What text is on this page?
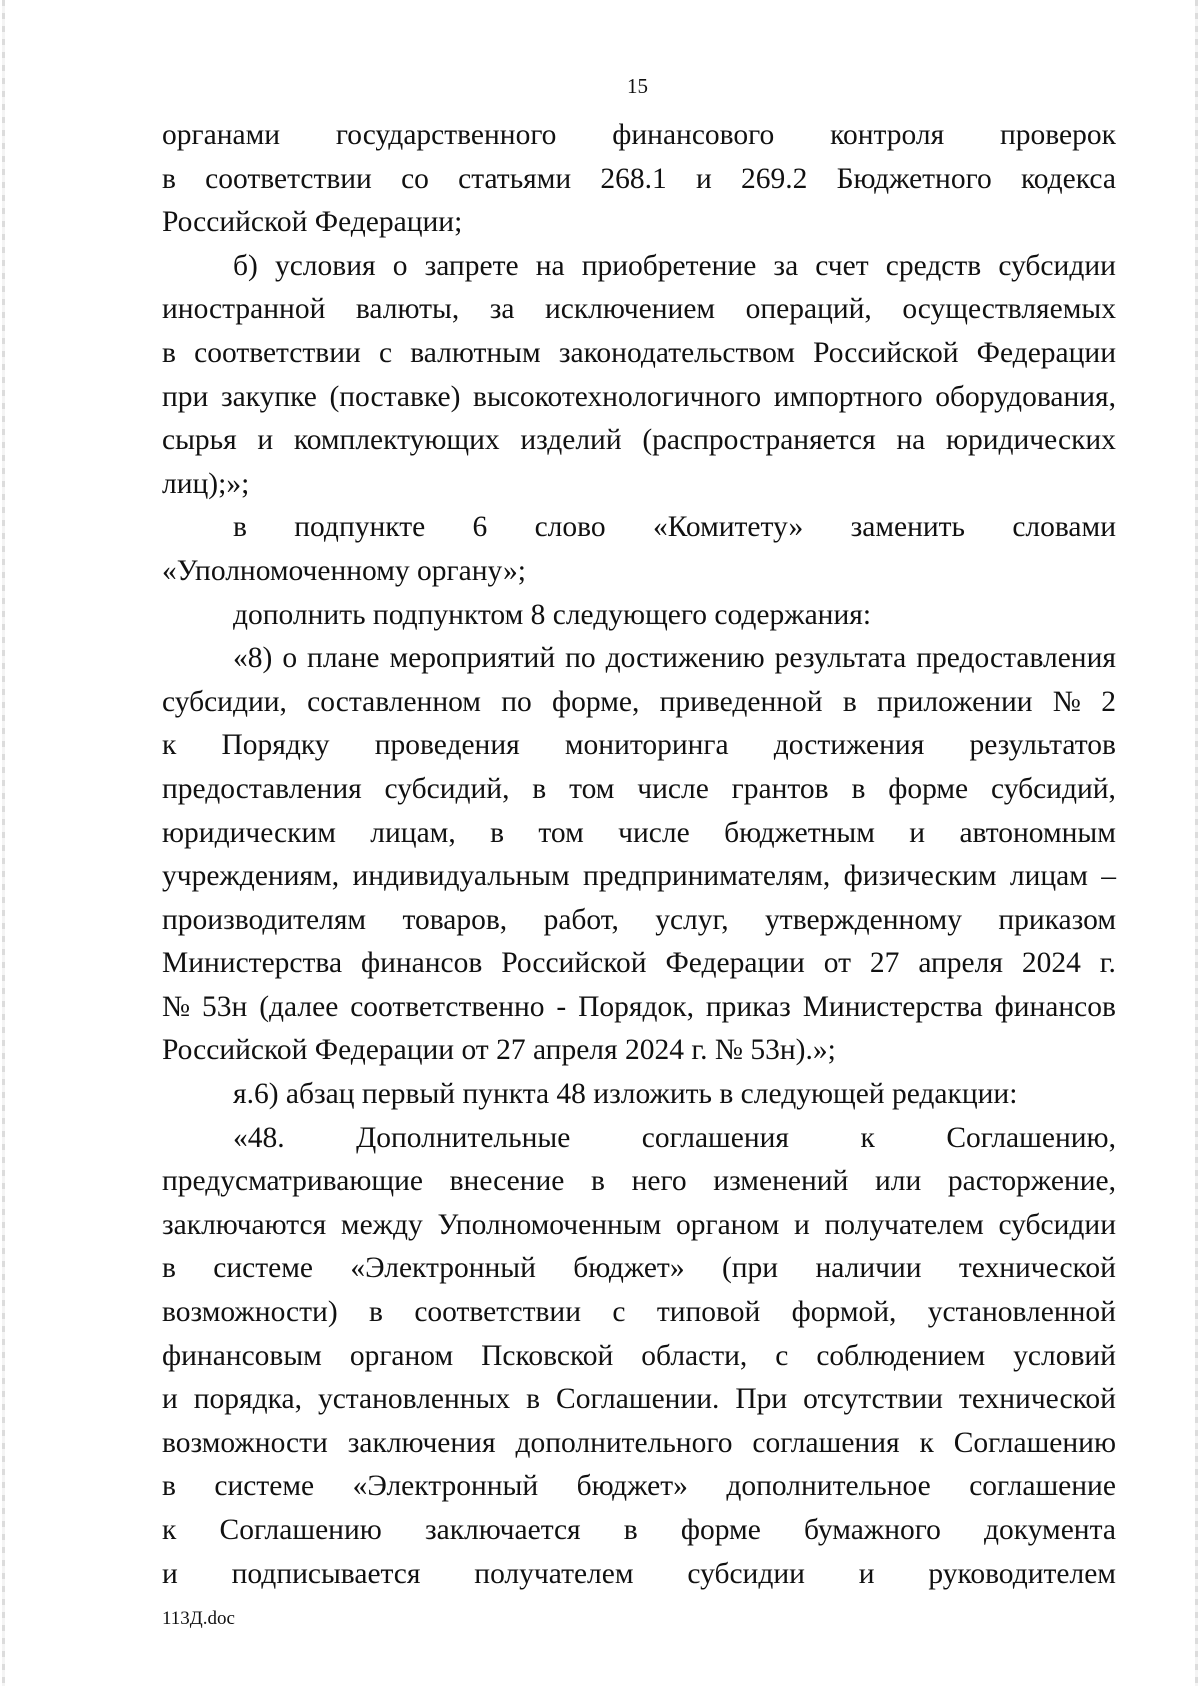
15
органами государственного финансового контроля проверок
в соответствии со статьями 268.1 и 269.2 Бюджетного кодекса
Российской Федерации;
б) условия о запрете на приобретение за счет средств субсидии
иностранной валюты, за исключением операций, осуществляемых
в соответствии с валютным законодательством Российской Федерации
при закупке (поставке) высокотехнологичного импортного оборудования,
сырья и комплектующих изделий (распространяется на юридических
лиц);»;
в подпункте 6 слово «Комитету» заменить словами
«Уполномоченному органу»;
дополнить подпунктом 8 следующего содержания:
«8) о плане мероприятий по достижению результата предоставления
субсидии, составленном по форме, приведенной в приложении № 2
к Порядку проведения мониторинга достижения результатов
предоставления субсидий, в том числе грантов в форме субсидий,
юридическим лицам, в том числе бюджетным и автономным
учреждениям, индивидуальным предпринимателям, физическим лицам –
производителям товаров, работ, услуг, утвержденному приказом
Министерства финансов Российской Федерации от 27 апреля 2024 г.
№ 53н (далее соответственно - Порядок, приказ Министерства финансов
Российской Федерации от 27 апреля 2024 г. № 53н).»;
я.6) абзац первый пункта 48 изложить в следующей редакции:
«48. Дополнительные соглашения к Соглашению,
предусматривающие внесение в него изменений или расторжение,
заключаются между Уполномоченным органом и получателем субсидии
в системе «Электронный бюджет» (при наличии технической
возможности) в соответствии с типовой формой, установленной
финансовым органом Псковской области, с соблюдением условий
и порядка, установленных в Соглашении. При отсутствии технической
возможности заключения дополнительного соглашения к Соглашению
в системе «Электронный бюджет» дополнительное соглашение
к Соглашению заключается в форме бумажного документа
и подписывается получателем субсидии и руководителем
113Д.doc
